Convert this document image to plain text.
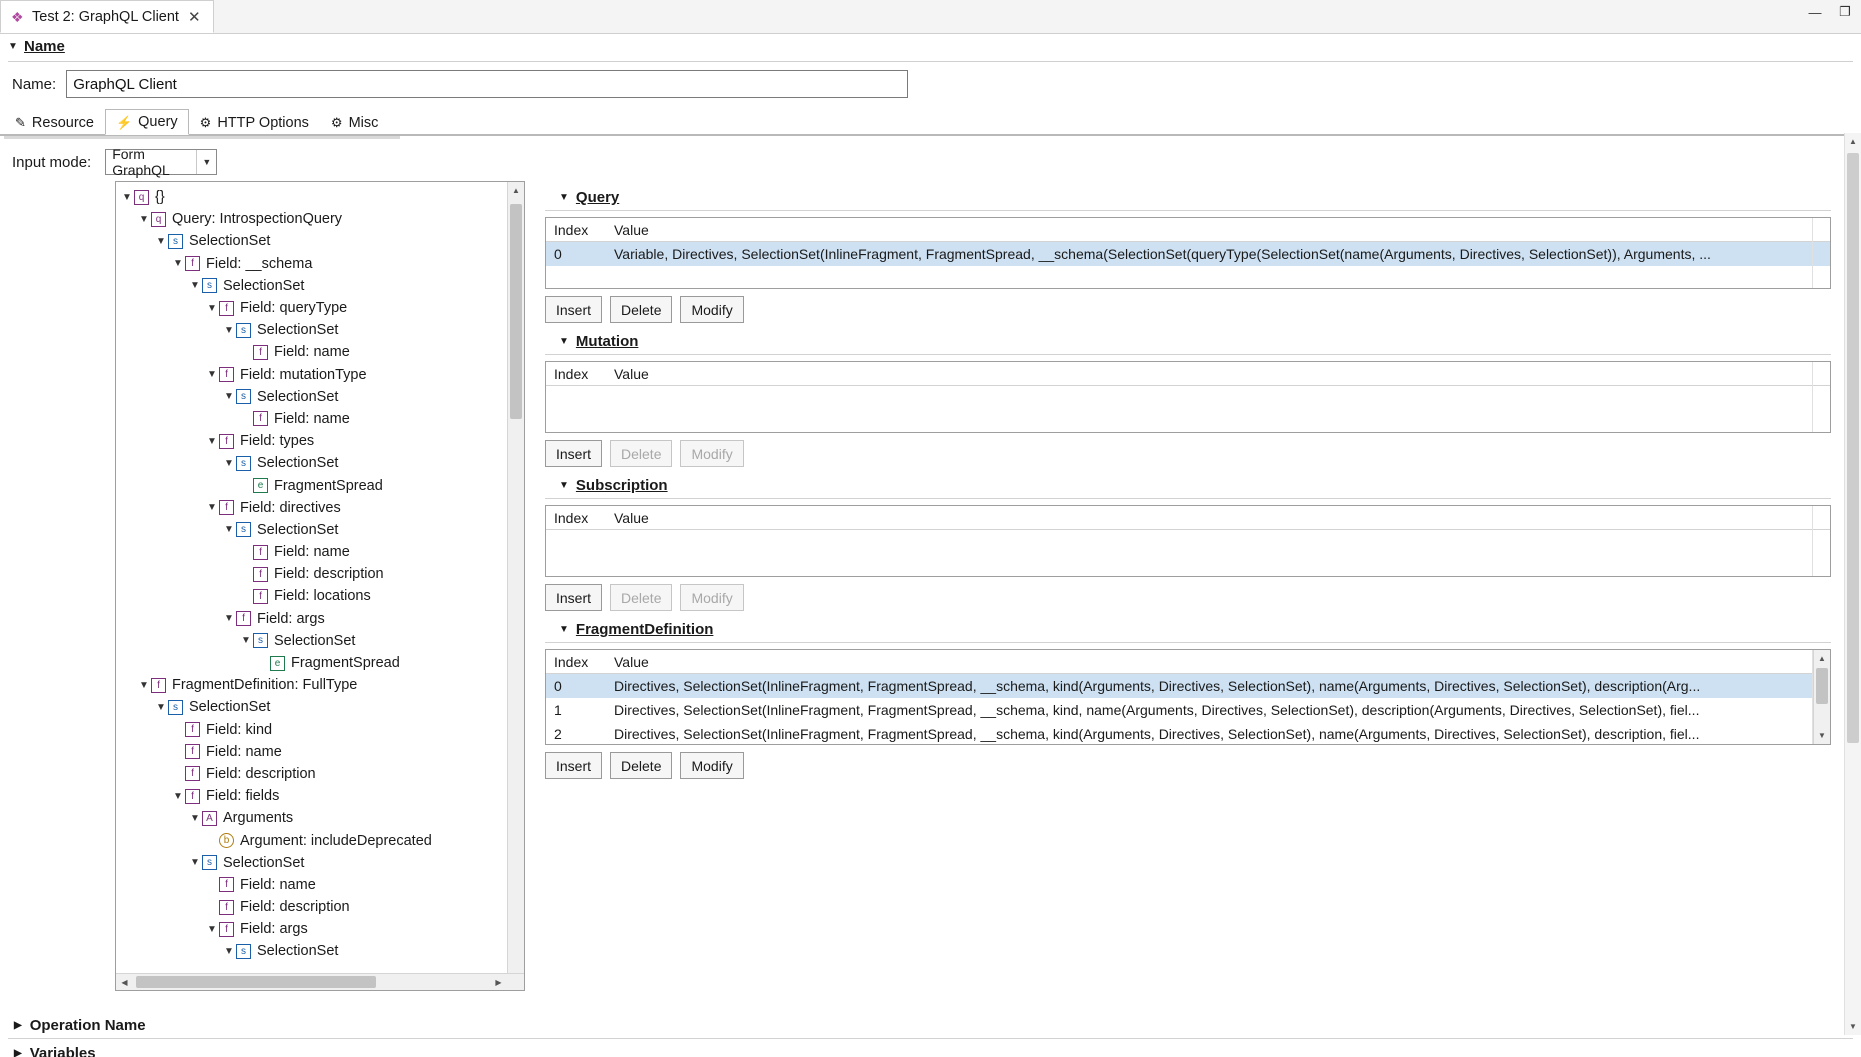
❖ Test 2: GraphQL Client ✕	— ❐
▼ Name
Name:
GraphQL Client
✎ Resource ⚡ Query ⚙ HTTP Options ⚙ Misc
Input mode: Form GraphQL	▼
▼ q {}
▼ q Query: IntrospectionQuery
▼ s SelectionSet
▼ f Field: __schema
▼ s SelectionSet
▼ f Field: queryType
▼ s SelectionSet
f Field: name
▼ f Field: mutationType
▼ s SelectionSet
f Field: name
▼ f Field: types
▼ s SelectionSet
e FragmentSpread
▼ f Field: directives
▼ s SelectionSet
f Field: name
f Field: description
f Field: locations
▼ f Field: args
▼ s SelectionSet
e FragmentSpread
▼ f FragmentDefinition: FullType
▼ s SelectionSet
f Field: kind
f Field: name
f Field: description
▼ f Field: fields
▼ A Arguments
b Argument: includeDeprecated
▼ s SelectionSet
f Field: name
f Field: description
▼ f Field: args
▼ s SelectionSet
▲
◀	▶
▼ Query
Index	Value
0	Variable, Directives, SelectionSet(InlineFragment, FragmentSpread, __schema(SelectionSet(queryType(SelectionSet(name(Arguments, Directives, SelectionSet)), Arguments, ...
Insert	Delete	Modify
▼ Mutation
Index	Value
Insert	Delete	Modify
▼ Subscription
Index	Value
Insert	Delete	Modify
▼ FragmentDefinition
Index	Value
0	Directives, SelectionSet(InlineFragment, FragmentSpread, __schema, kind(Arguments, Directives, SelectionSet), name(Arguments, Directives, SelectionSet), description(Arg...
1	Directives, SelectionSet(InlineFragment, FragmentSpread, __schema, kind, name(Arguments, Directives, SelectionSet), description(Arguments, Directives, SelectionSet), fiel...
2	Directives, SelectionSet(InlineFragment, FragmentSpread, __schema, kind(Arguments, Directives, SelectionSet), name(Arguments, Directives, SelectionSet), description, fiel...
▲
▼
Insert	Delete	Modify
▲
▼
▶ Operation Name
▶ Variables
